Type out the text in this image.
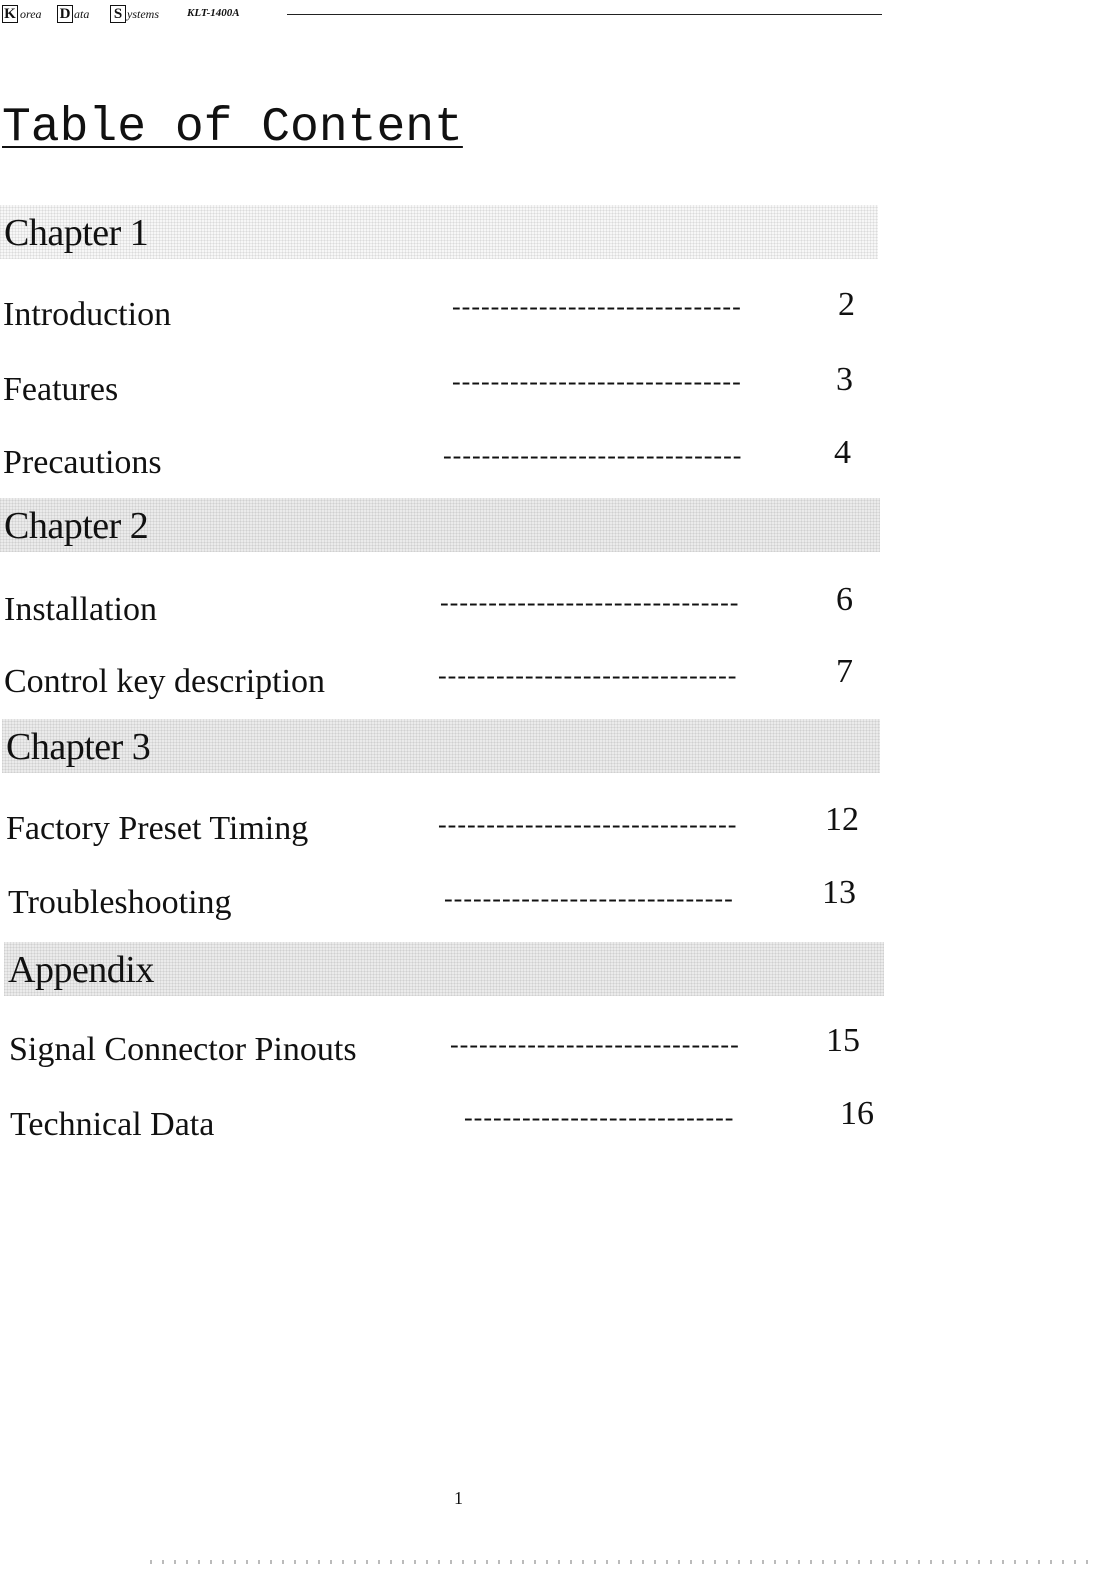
K orea D ata S ystems	KLT-1400A
Table of Content
Chapter 1
Introduction	------------------------------	2
Features	------------------------------	3
Precautions	-------------------------------	4
Chapter 2
Installation	-------------------------------	6
Control key description	-------------------------------	7
Chapter 3
Factory Preset Timing	-------------------------------	12
Troubleshooting	------------------------------	13
Appendix
Signal Connector Pinouts	------------------------------	15
Technical Data	----------------------------	16
1
